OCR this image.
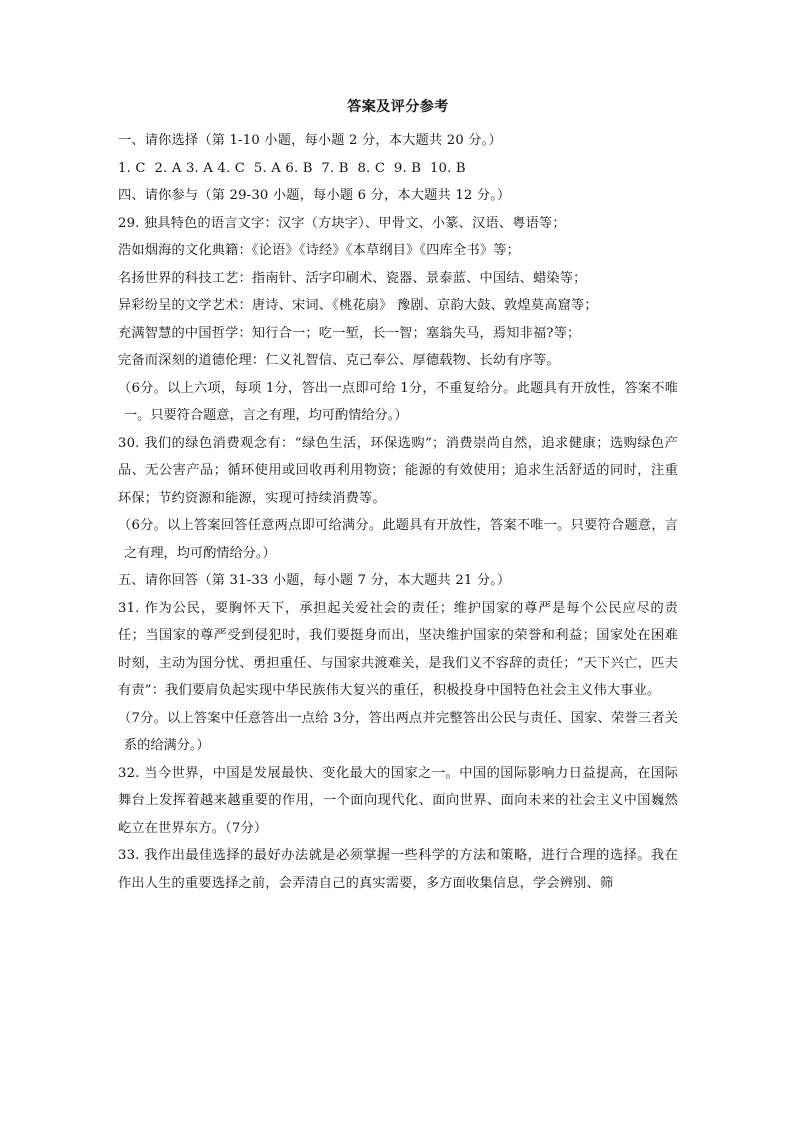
答案及评分参考

一、请你选择（第 1-10 小题，每小题 2 分，本大题共 20 分。）

1. C  2. A 3. A 4. C  5. A 6. B  7. B  8. C  9. B  10. B

四、请你参与（第 29-30 小题，每小题 6 分，本大题共 12 分。）

29. 独具特色的语言文字：汉字（方块字）、甲骨文、小篆、汉语、粤语等；

浩如烟海的文化典籍：《论语》《诗经》《本草纲目》《四库全书》等；

名扬世界的科技工艺：指南针、活字印刷术、瓷器、景泰蓝、中国结、蜡染等；

异彩纷呈的文学艺术：唐诗、宋词、《桃花扇》 豫剧、京韵大鼓、敦煌莫高窟等；

充满智慧的中国哲学：知行合一；吃一堑，长一智；塞翁失马，焉知非福?等；

完备而深刻的道德伦理：仁义礼智信、克己奉公、厚德载物、长幼有序等。

（6分。以上六项，每项 1分，答出一点即可给 1分，不重复给分。此题具有开放性，答案不唯一。只要符合题意，言之有理，均可酌情给分。）

30. 我们的绿色消费观念有：“绿色生活，环保选购”；消费崇尚自然，追求健康；选购绿色产品、无公害产品；循环使用或回收再利用物资；能源的有效使用；追求生活舒适的同时，注重环保；节约资源和能源，实现可持续消费等。

（6分。以上答案回答任意两点即可给满分。此题具有开放性，答案不唯一。只要符合题意，言之有理，均可酌情给分。）

五、请你回答（第 31-33 小题，每小题 7 分，本大题共 21 分。）

31. 作为公民，要胸怀天下，承担起关爱社会的责任；维护国家的尊严是每个公民应尽的责任；当国家的尊严受到侵犯时，我们要挺身而出，坚决维护国家的荣誉和利益；国家处在困难时刻，主动为国分忧、勇担重任、与国家共渡难关，是我们义不容辞的责任；“天下兴亡，匹夫有责”：我们要肩负起实现中华民族伟大复兴的重任，积极投身中国特色社会主义伟大事业。

（7分。以上答案中任意答出一点给 3分，答出两点并完整答出公民与责任、国家、荣誉三者关系的给满分。）

32. 当今世界，中国是发展最快、变化最大的国家之一。中国的国际影响力日益提高，在国际舞台上发挥着越来越重要的作用，一个面向现代化、面向世界、面向未来的社会主义中国巍然屹立在世界东方。（7分）

33. 我作出最佳选择的最好办法就是必须掌握一些科学的方法和策略，进行合理的选择。我在作出人生的重要选择之前，会弄清自己的真实需要，多方面收集信息，学会辨别、筛
